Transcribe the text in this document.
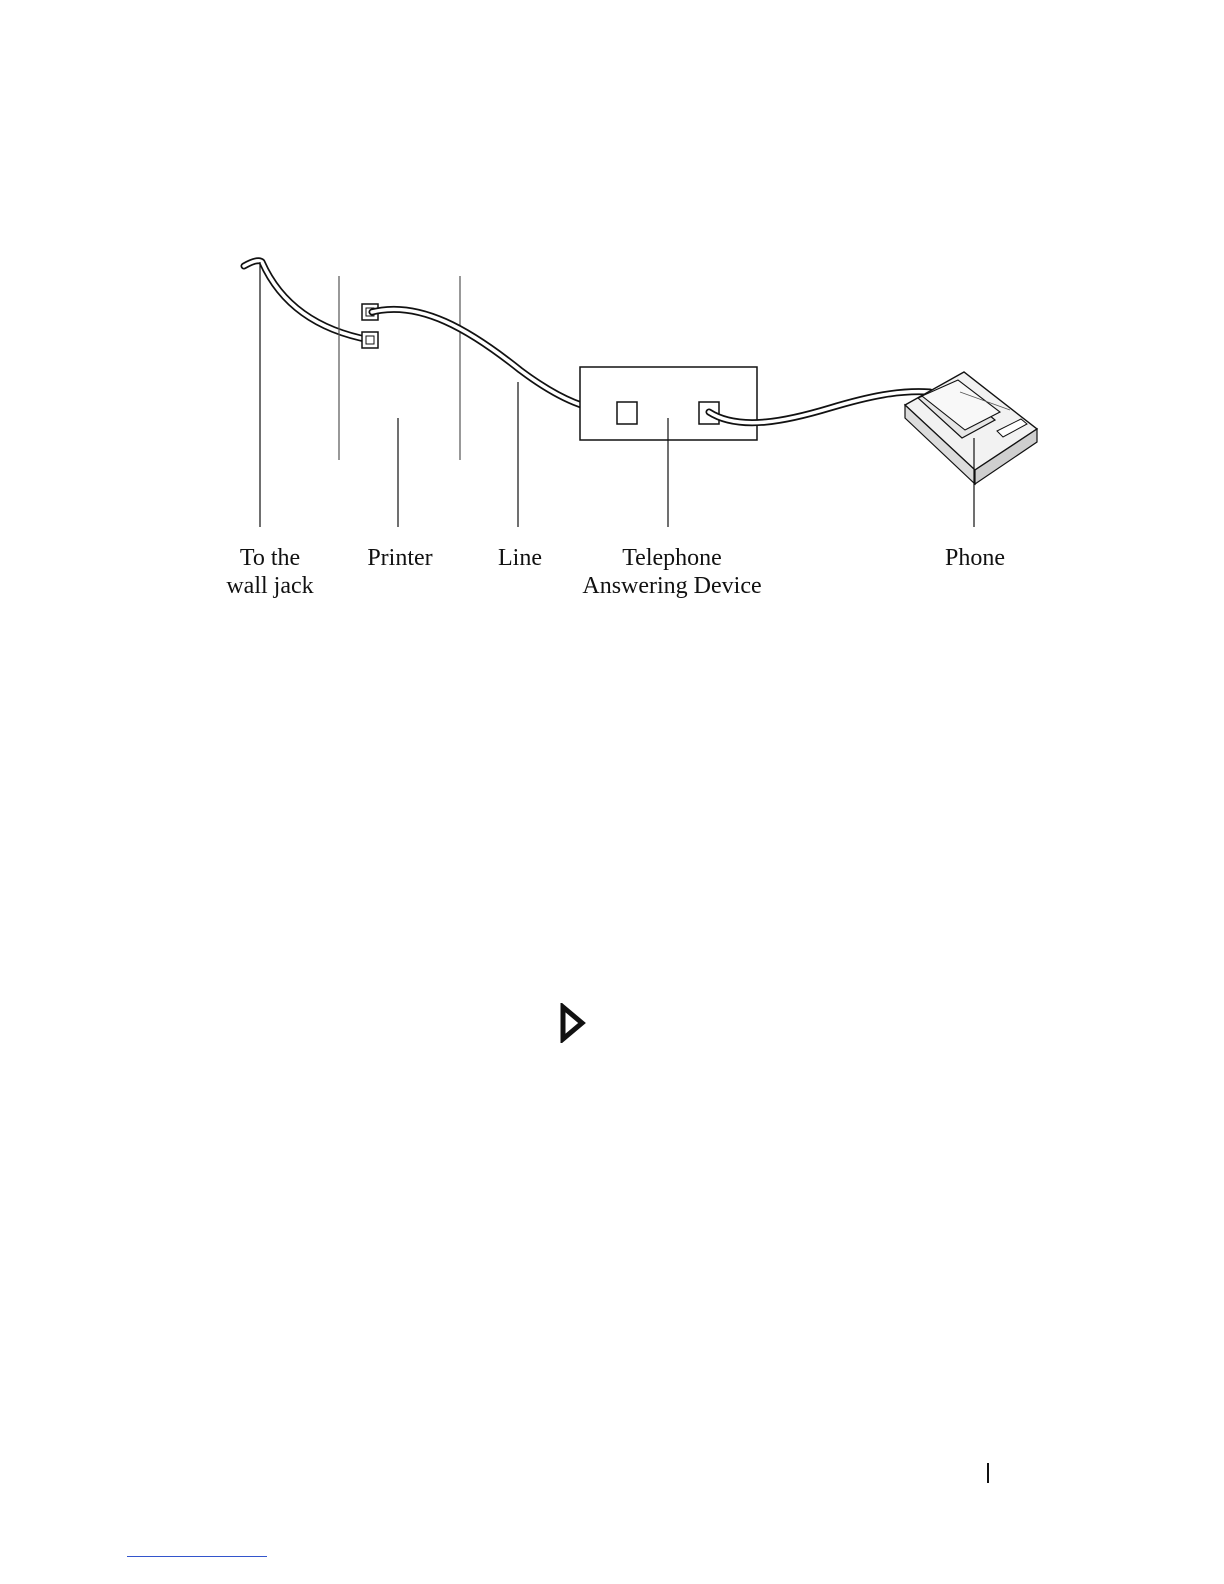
To the
wall jack
Printer	Line	Telephone
Answering Device
Phone
